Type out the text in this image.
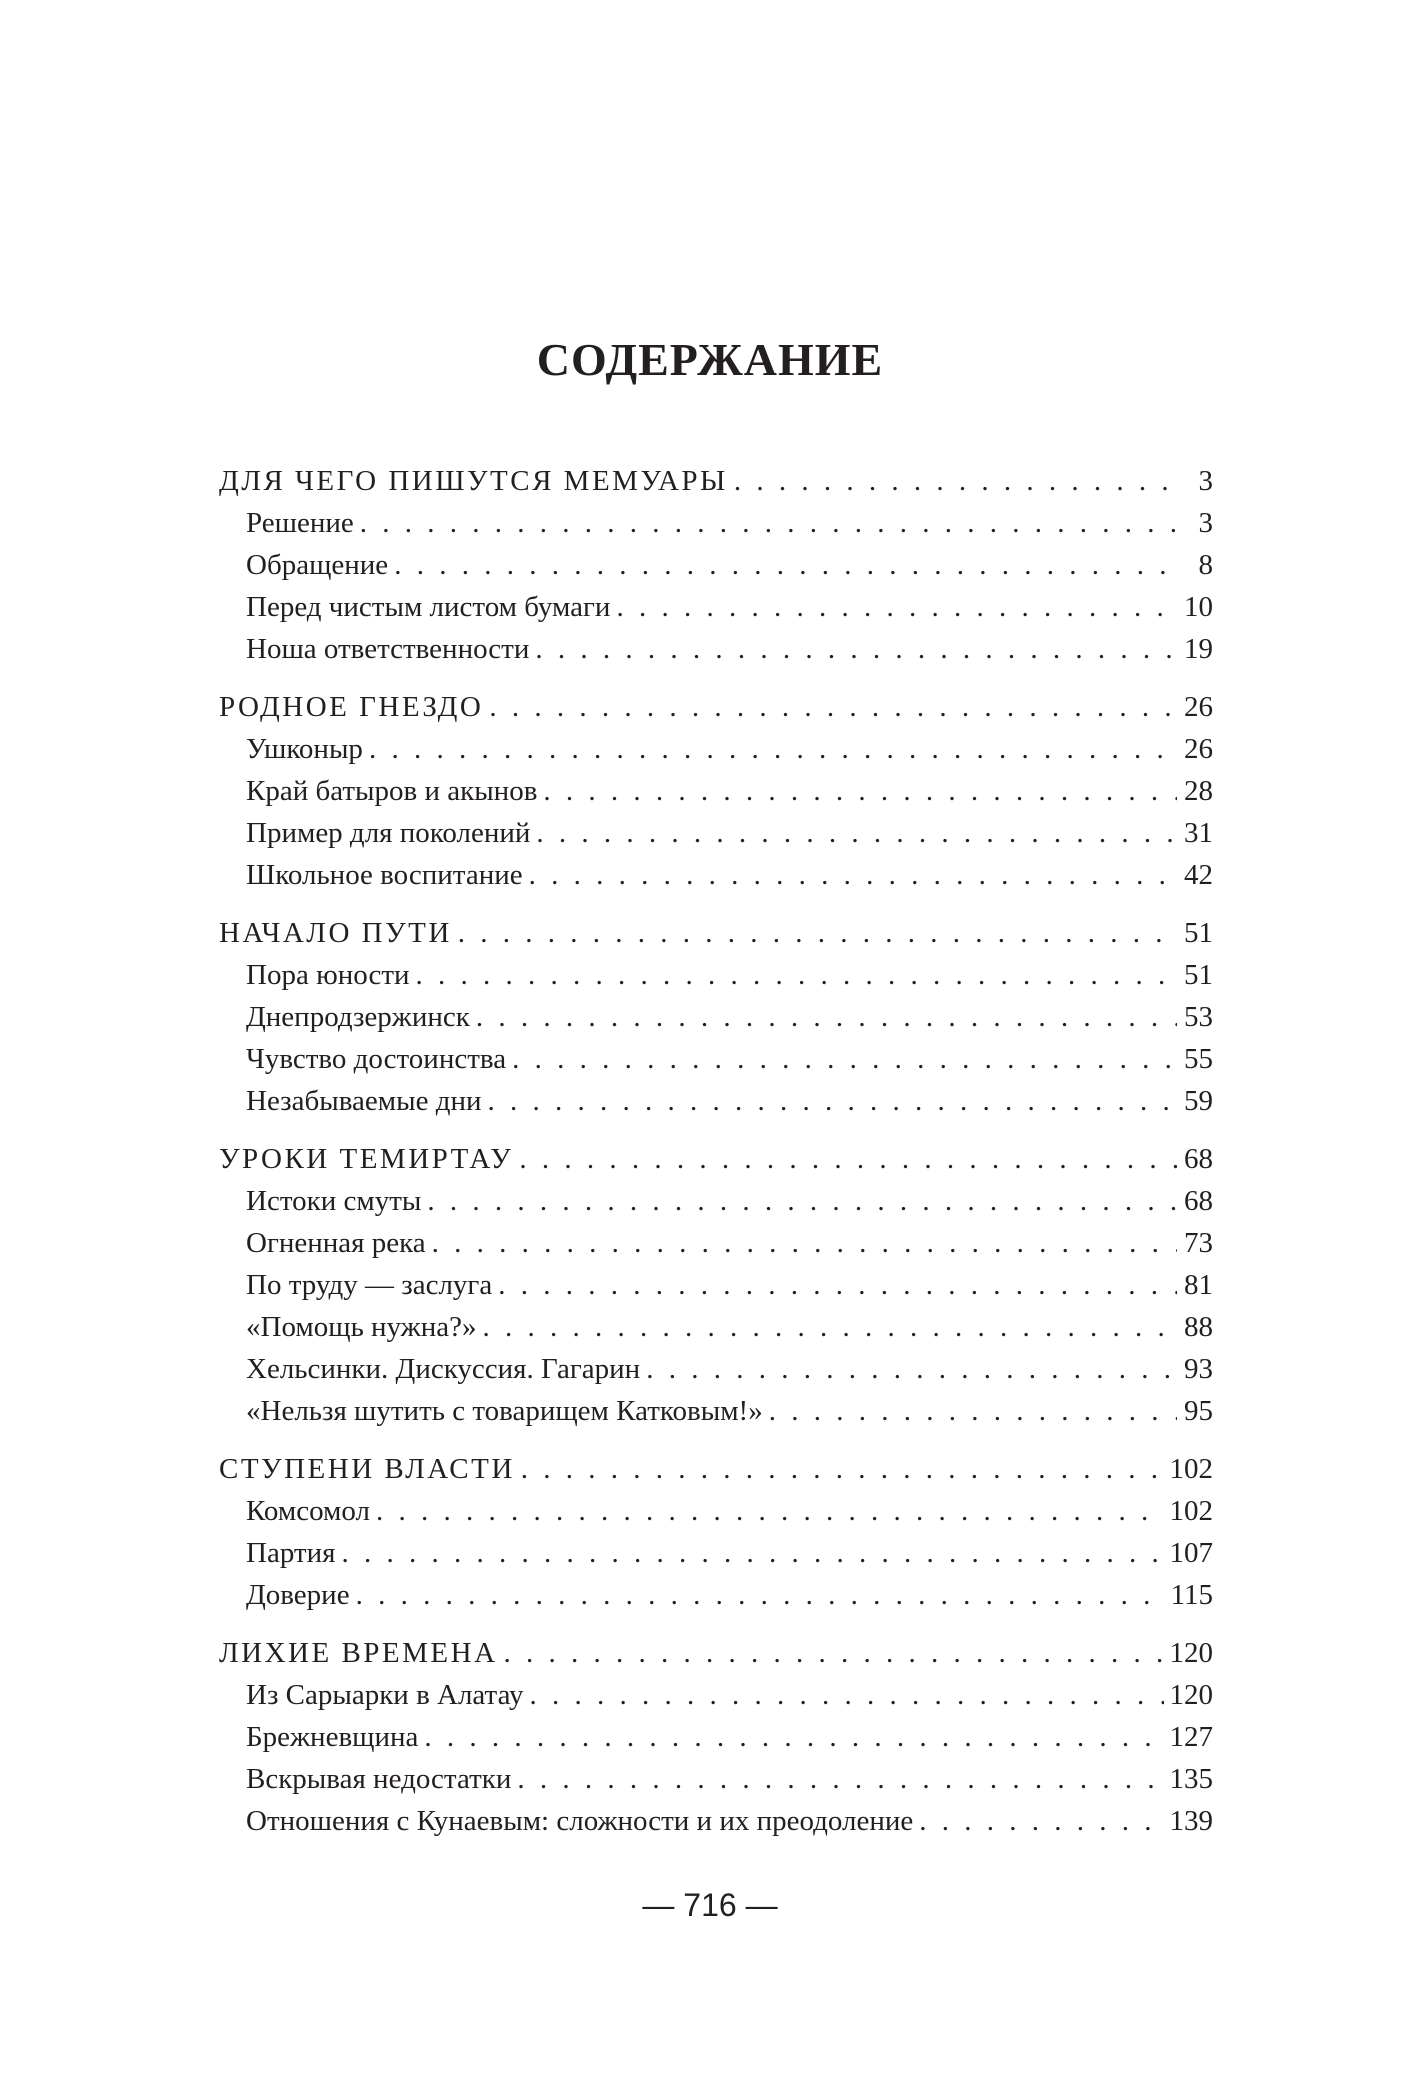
СОДЕРЖАНИЕ
ДЛЯ ЧЕГО ПИШУТСЯ МЕМУАРЫ . . .	3
Решение . . .	3
Обращение . . .	8
Перед чистым листом бумаги . . .	10
Ноша ответственности . . .	19
РОДНОЕ ГНЕЗДО . . .	26
Ушконыр . . .	26
Край батыров и акынов . . .	28
Пример для поколений . . .	31
Школьное воспитание . . .	42
НАЧАЛО ПУТИ . . .	51
Пора юности . . .	51
Днепродзержинск . . .	53
Чувство достоинства . . .	55
Незабываемые дни . . .	59
УРОКИ ТЕМИРТАУ . . .	68
Истоки смуты . . .	68
Огненная река . . .	73
По труду — заслуга . . .	81
«Помощь нужна?» . . .	88
Хельсинки. Дискуссия. Гагарин . . .	93
«Нельзя шутить с товарищем Катковым!» . . .	95
СТУПЕНИ ВЛАСТИ . . .	102
Комсомол . . .	102
Партия . . .	107
Доверие . . .	115
ЛИХИЕ ВРЕМЕНА . . .	120
Из Сарыарки в Алатау . . .	120
Брежневщина . . .	127
Вскрывая недостатки . . .	135
Отношения с Кунаевым: сложности и их преодоление . . .	139
— 716 —
